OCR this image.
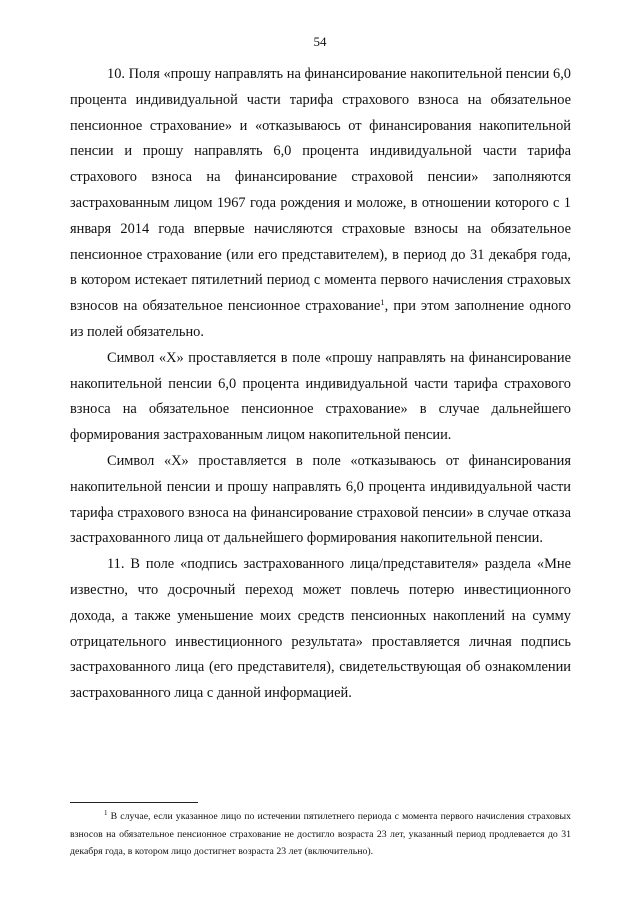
54

10. Поля «прошу направлять на финансирование накопительной пенсии 6,0 процента индивидуальной части тарифа страхового взноса на обязательное пенсионное страхование» и «отказываюсь от финансирования накопительной пенсии и прошу направлять 6,0 процента индивидуальной части тарифа страхового взноса на финансирование страховой пенсии» заполняются застрахованным лицом 1967 года рождения и моложе, в отношении которого с 1 января 2014 года впервые начисляются страховые взносы на обязательное пенсионное страхование (или его представителем), в период до 31 декабря года, в котором истекает пятилетний период с момента первого начисления страховых взносов на обязательное пенсионное страхование$^1$, при этом заполнение одного из полей обязательно.

Символ «Х» проставляется в поле «прошу направлять на финансирование накопительной пенсии 6,0 процента индивидуальной части тарифа страхового взноса на обязательное пенсионное страхование» в случае дальнейшего формирования застрахованным лицом накопительной пенсии.

Символ «Х» проставляется в поле «отказываюсь от финансирования накопительной пенсии и прошу направлять 6,0 процента индивидуальной части тарифа страхового взноса на финансирование страховой пенсии» в случае отказа застрахованного лица от дальнейшего формирования накопительной пенсии.

11. В поле «подпись застрахованного лица/представителя» раздела «Мне известно, что досрочный переход может повлечь потерю инвестиционного дохода, а также уменьшение моих средств пенсионных накоплений на сумму отрицательного инвестиционного результата» проставляется личная подпись застрахованного лица (его представителя), свидетельствующая об ознакомлении застрахованного лица с данной информацией.

$^1$ В случае, если указанное лицо по истечении пятилетнего периода с момента первого начисления страховых взносов на обязательное пенсионное страхование не достигло возраста 23 лет, указанный период продлевается до 31 декабря года, в котором лицо достигнет возраста 23 лет (включительно).
